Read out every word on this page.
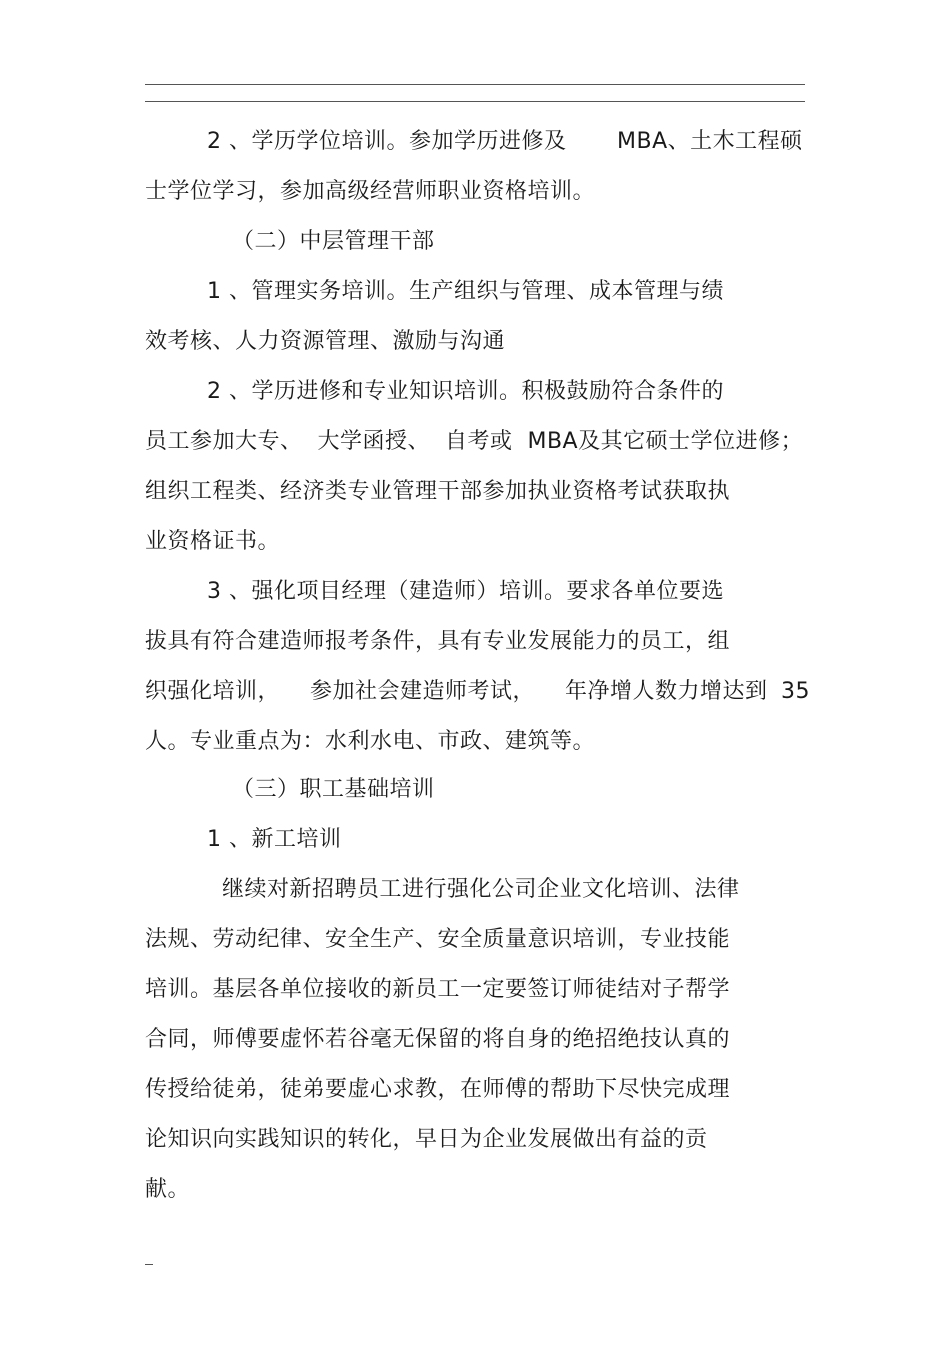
2 、学历学位培训。参加学历进修及 MBA、土木工程硕
士学位学习，参加高级经营师职业资格培训。
（二）中层管理干部
1 、管理实务培训。生产组织与管理、成本管理与绩
效考核、人力资源管理、激励与沟通
2 、学历进修和专业知识培训。积极鼓励符合条件的
员工参加大专、  大学函授、  自考或  MBA及其它硕士学位进修；
组织工程类、经济类专业管理干部参加执业资格考试获取执
业资格证书。
3 、强化项目经理（建造师）培训。要求各单位要选
拔具有符合建造师报考条件，具有专业发展能力的员工，组
织强化培训，    参加社会建造师考试，    年净增人数力增达到 35
人。专业重点为：水利水电、市政、建筑等。
（三）职工基础培训
1 、新工培训
继续对新招聘员工进行强化公司企业文化培训、法律
法规、劳动纪律、安全生产、安全质量意识培训，专业技能
培训。基层各单位接收的新员工一定要签订师徒结对子帮学
合同，师傅要虚怀若谷毫无保留的将自身的绝招绝技认真的
传授给徒弟，徒弟要虚心求教，在师傅的帮助下尽快完成理
论知识向实践知识的转化，早日为企业发展做出有益的贡
献。
